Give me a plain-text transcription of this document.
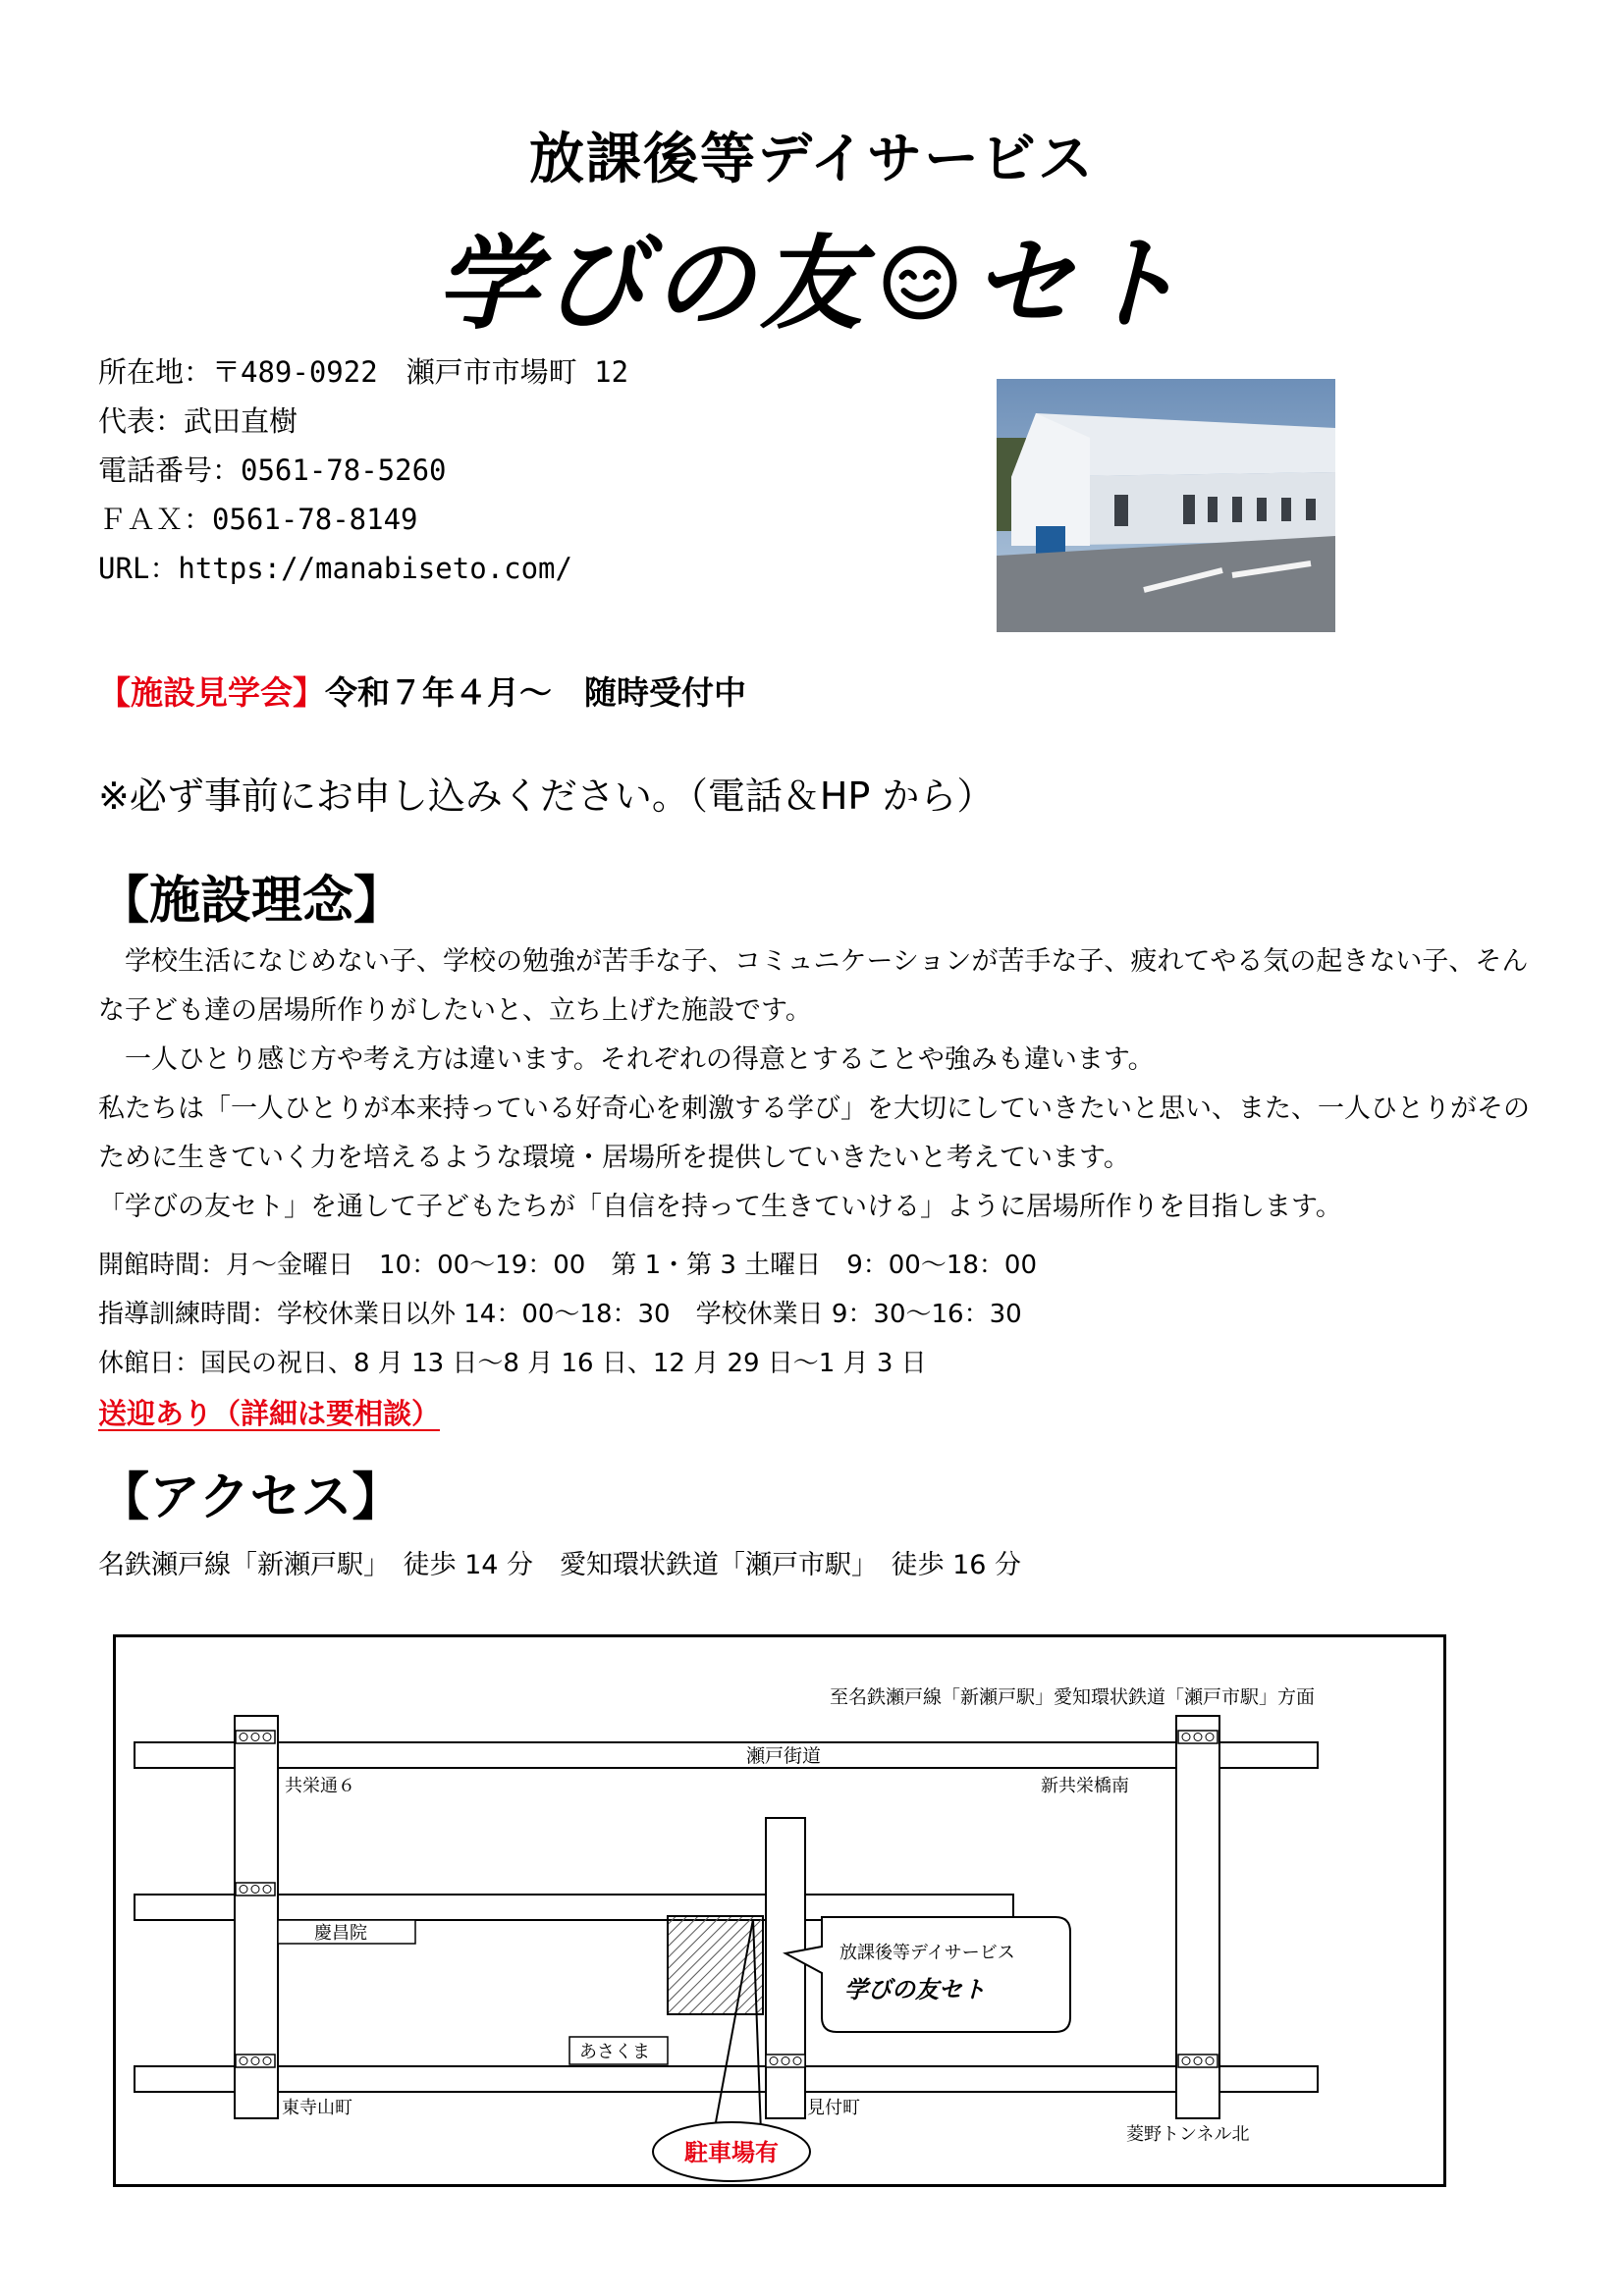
放課後等デイサービス
学びの友 セト
所在地：〒489-0922　瀬戸市市場町 12
代表：武田直樹
電話番号：0561-78-5260
ＦＡＸ：0561-78-8149
URL：https://manabiseto.com/
【施設見学会】令和７年４月～　随時受付中
※必ず事前にお申し込みください。（電話＆HP から）
【施設理念】

　学校生活になじめない子、学校の勉強が苦手な子、コミュニケーションが苦手な子、疲れてやる気の起きない子、そんな子ども達の居場所作りがしたいと、立ち上げた施設です。

　一人ひとり感じ方や考え方は違います。それぞれの得意とすることや強みも違います。

私たちは「一人ひとりが本来持っている好奇心を刺激する学び」を大切にしていきたいと思い、また、一人ひとりがそのために生きていく力を培えるような環境・居場所を提供していきたいと考えています。

「学びの友セト」を通して子どもたちが「自信を持って生きていける」ように居場所作りを目指します。

開館時間：月～金曜日　10：00～19：00　第 1・第 3 土曜日　9：00～18：00
指導訓練時間：学校休業日以外 14：00～18：30　学校休業日 9：30～16：30
休館日：国民の祝日、8 月 13 日～8 月 16 日、12 月 29 日～1 月 3 日
送迎あり（詳細は要相談）
【アクセス】
名鉄瀬戸線「新瀬戸駅」　徒歩 14 分　愛知環状鉄道「瀬戸市駅」　徒歩 16 分
至名鉄瀬戸線「新瀬戸駅」愛知環状鉄道「瀬戸市駅」方面
瀬戸街道
共栄通６	新共栄橋南
慶昌院
あさくま
放課後等デイサービス
学びの友セト
東寺山町	見付町
菱野トンネル北
駐車場有
